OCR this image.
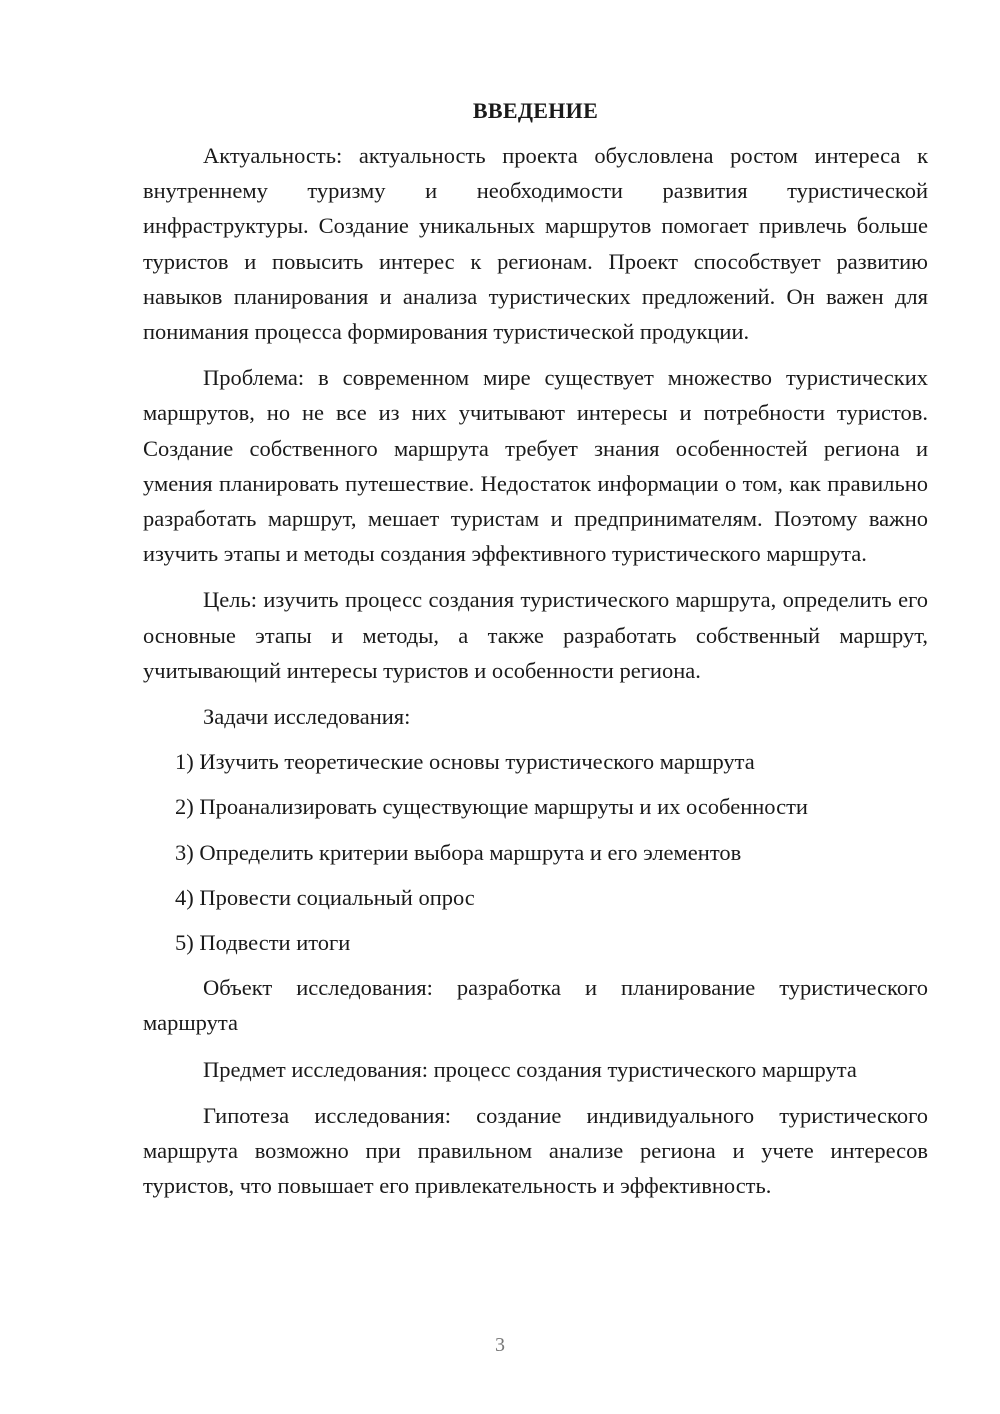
ВВЕДЕНИЕ

Актуальность: актуальность проекта обусловлена ростом интереса к внутреннему туризму и необходимости развития туристической инфраструктуры. Создание уникальных маршрутов помогает привлечь больше туристов и повысить интерес к регионам. Проект способствует развитию навыков планирования и анализа туристических предложений. Он важен для понимания процесса формирования туристической продукции.

Проблема: в современном мире существует множество туристических маршрутов, но не все из них учитывают интересы и потребности туристов. Создание собственного маршрута требует знания особенностей региона и умения планировать путешествие. Недостаток информации о том, как правильно разработать маршрут, мешает туристам и предпринимателям. Поэтому важно изучить этапы и методы создания эффективного туристического маршрута.

Цель: изучить процесс создания туристического маршрута, определить его основные этапы и методы, а также разработать собственный маршрут, учитывающий интересы туристов и особенности региона.

Задачи исследования:

1) Изучить теоретические основы туристического маршрута
2) Проанализировать существующие маршруты и их особенности
3) Определить критерии выбора маршрута и его элементов
4) Провести социальный опрос
5) Подвести итоги

Объект исследования: разработка и планирование туристического маршрута

Предмет исследования: процесс создания туристического маршрута

Гипотеза исследования: создание индивидуального туристического маршрута возможно при правильном анализе региона и учете интересов туристов, что повышает его привлекательность и эффективность.

3
